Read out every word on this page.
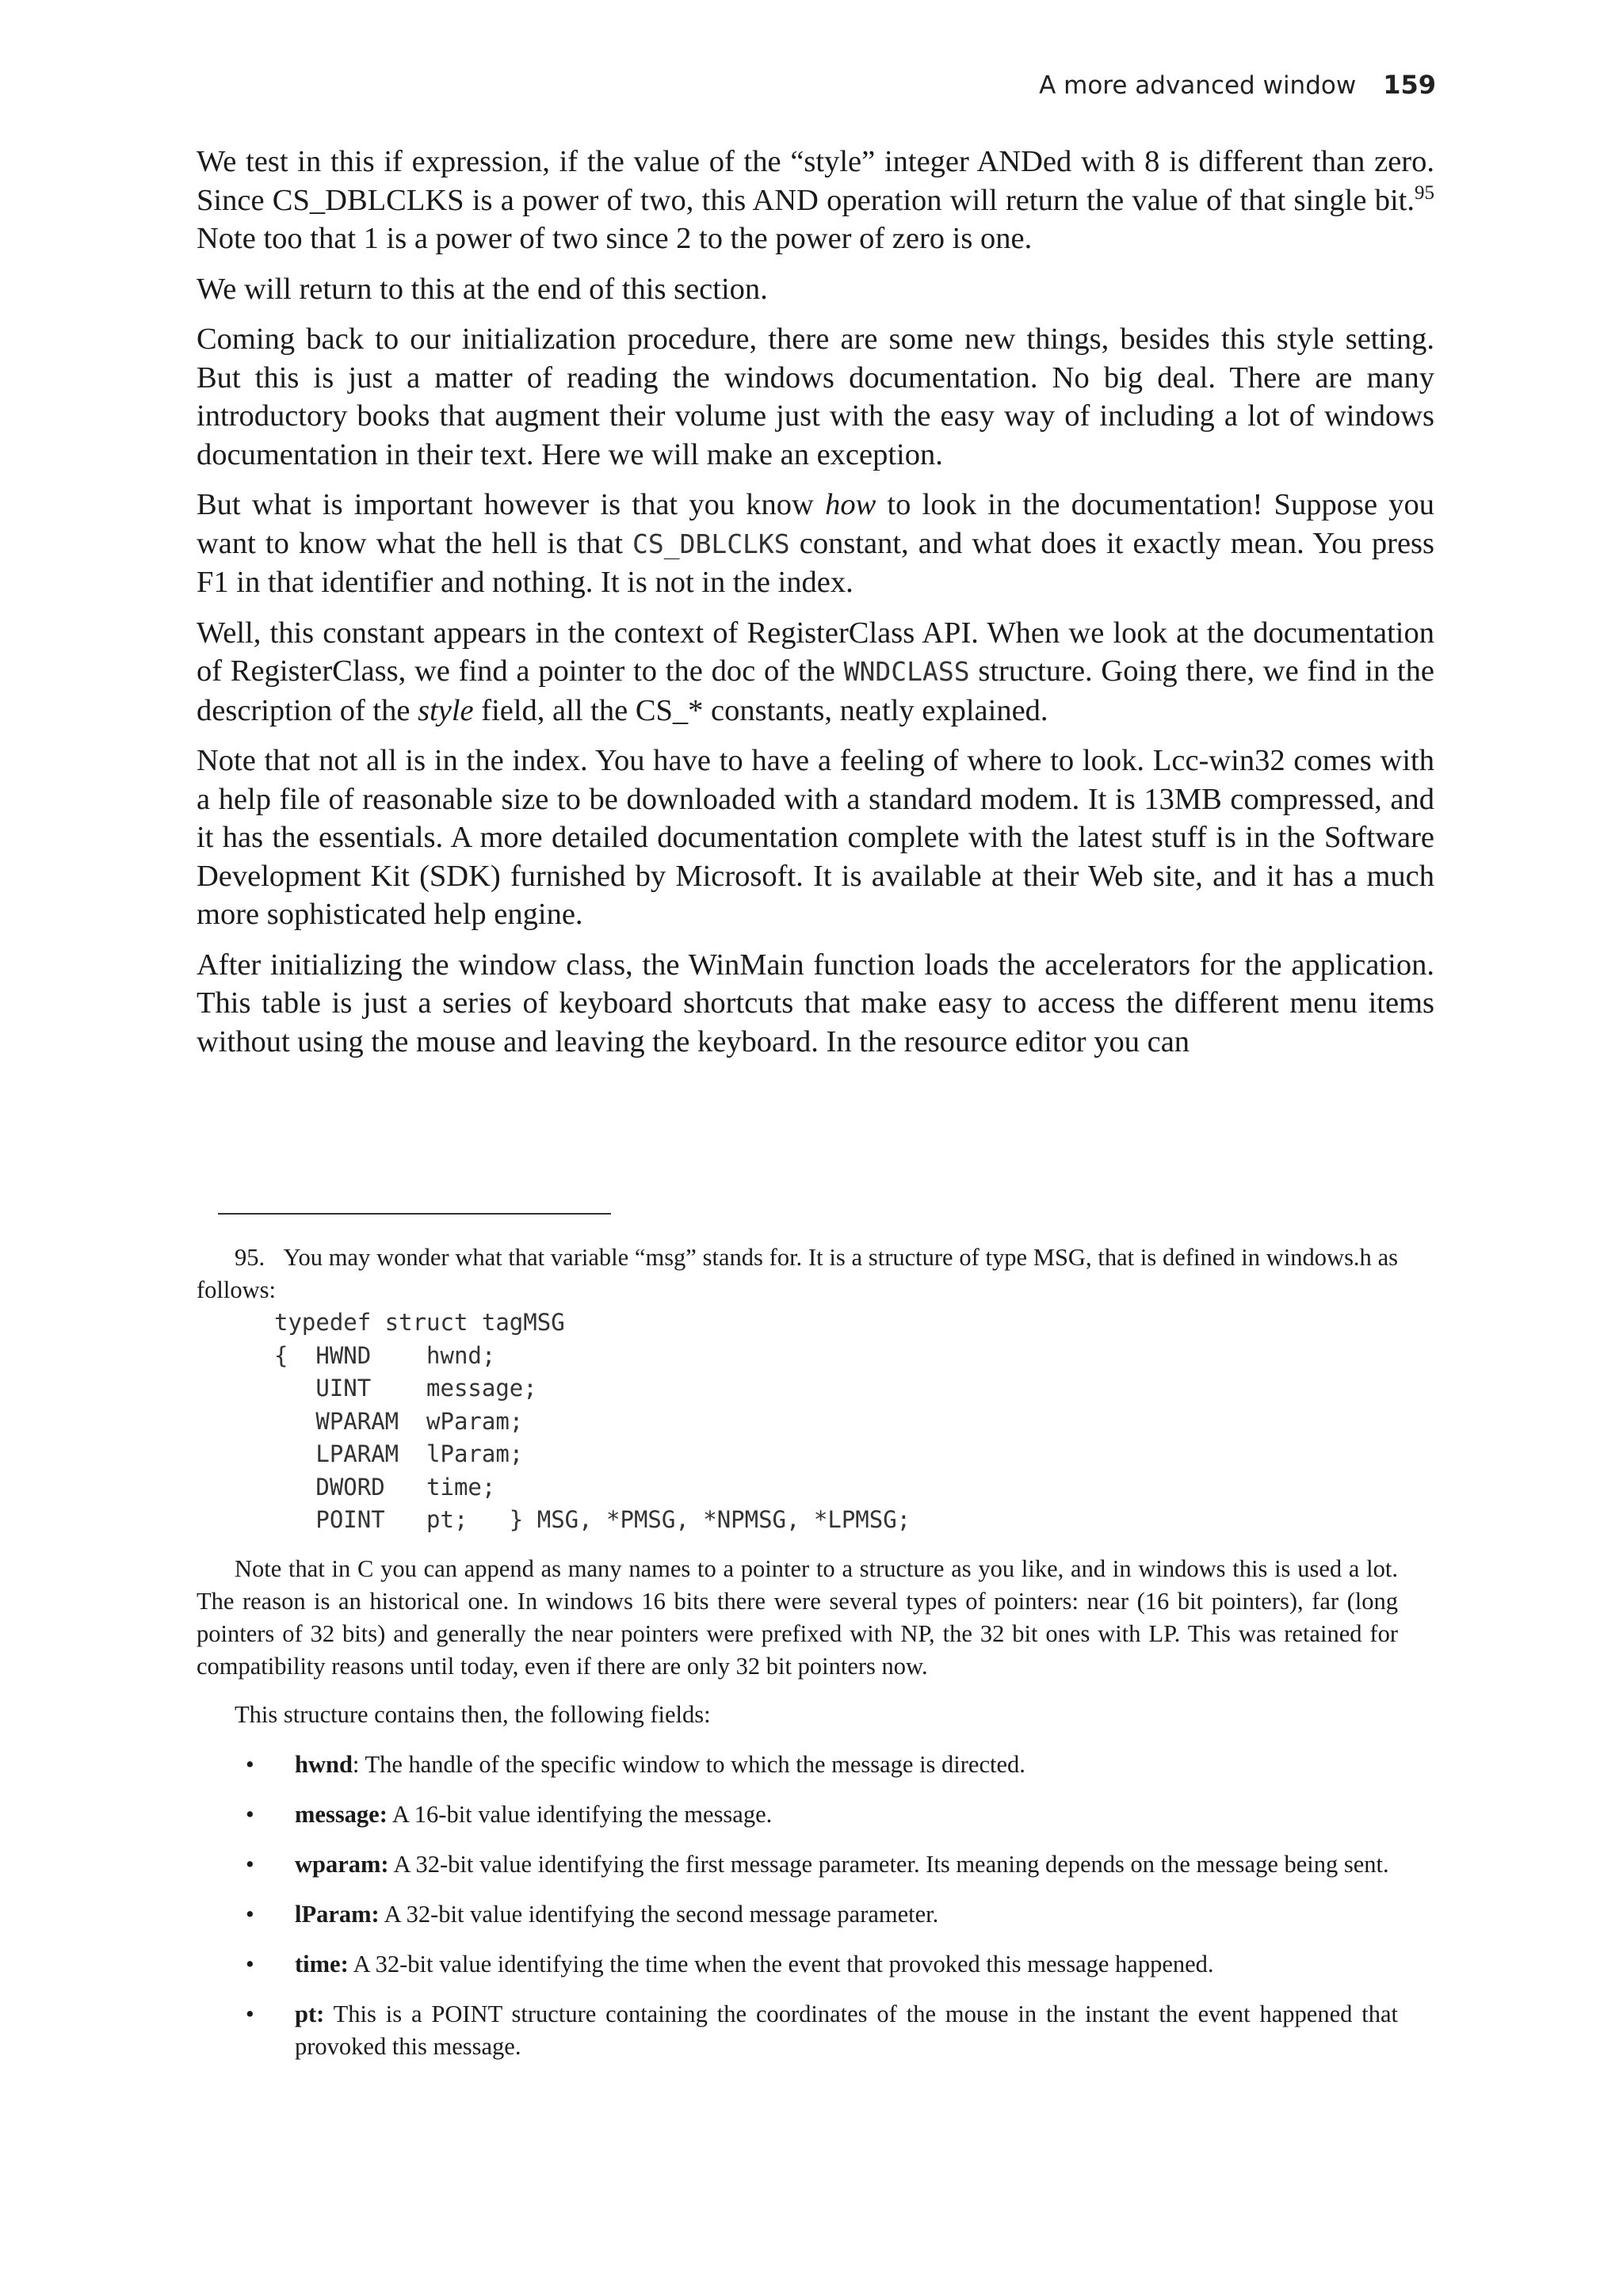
A more advanced window 159

We test in this if expression, if the value of the “style” integer ANDed with 8 is different than zero. Since CS_DBLCLKS is a power of two, this AND operation will return the value of that single bit.$^{95}$ Note too that 1 is a power of two since 2 to the power of zero is one.

We will return to this at the end of this section.

Coming back to our initialization procedure, there are some new things, besides this style setting. But this is just a matter of reading the windows documentation. No big deal. There are many introductory books that augment their volume just with the easy way of including a lot of windows documentation in their text. Here we will make an exception.

But what is important however is that you know how to look in the documentation! Suppose you want to know what the hell is that CS_DBLCLKS constant, and what does it exactly mean. You press F1 in that identifier and nothing. It is not in the index.

Well, this constant appears in the context of RegisterClass API. When we look at the documentation of RegisterClass, we find a pointer to the doc of the WNDCLASS structure. Going there, we find in the description of the style field, all the CS_* constants, neatly explained.

Note that not all is in the index. You have to have a feeling of where to look. Lcc-win32 comes with a help file of reasonable size to be downloaded with a standard modem. It is 13MB compressed, and it has the essentials. A more detailed documentation complete with the latest stuff is in the Software Development Kit (SDK) furnished by Microsoft. It is available at their Web site, and it has a much more sophisticated help engine.

After initializing the window class, the WinMain function loads the accelerators for the application. This table is just a series of keyboard shortcuts that make easy to access the different menu items without using the mouse and leaving the keyboard. In the resource editor you can

95. You may wonder what that variable “msg” stands for. It is a structure of type MSG, that is defined in windows.h as follows:

typedef struct tagMSG
{  HWND    hwnd;
UINT    message;
WPARAM  wParam;
LPARAM  lParam;
DWORD   time;
POINT   pt;   } MSG, *PMSG, *NPMSG, *LPMSG;

Note that in C you can append as many names to a pointer to a structure as you like, and in windows this is used a lot. The reason is an historical one. In windows 16 bits there were several types of pointers: near (16 bit pointers), far (long pointers of 32 bits) and generally the near pointers were prefixed with NP, the 32 bit ones with LP. This was retained for compatibility reasons until today, even if there are only 32 bit pointers now.

This structure contains then, the following fields:

• hwnd: The handle of the specific window to which the message is directed.
• message: A 16-bit value identifying the message.
• wparam: A 32-bit value identifying the first message parameter. Its meaning depends on the message being sent.
• lParam: A 32-bit value identifying the second message parameter.
• time: A 32-bit value identifying the time when the event that provoked this message happened.
• pt: This is a POINT structure containing the coordinates of the mouse in the instant the event happened that provoked this message.
